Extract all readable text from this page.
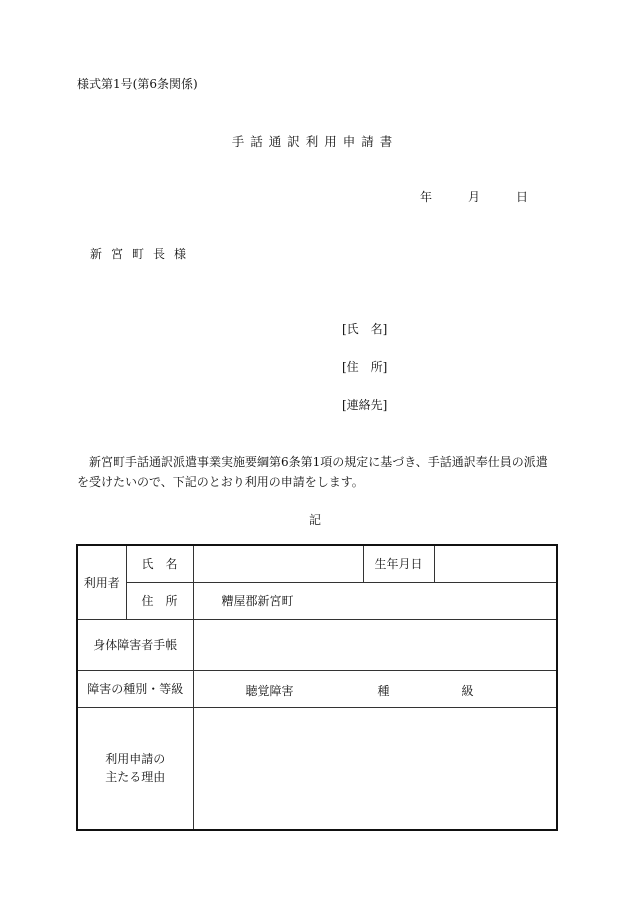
様式第1号(第6条関係)
手話通訳利用申請書
年	月	日
新宮町長様
[氏　名]
[住　所]
[連絡先]
新宮町手話通訳派遣事業実施要綱第6条第1項の規定に基づき、手話通訳奉仕員の派遣を受けたいので、下記のとおり利用の申請をします。
記
利用者	氏　名		生年月日	
	住　所	糟屋郡新宮町		
身体障害者手帳				
障害の種別・等級		聴覚障害 種 級		

利用申請の
主たる理由				
